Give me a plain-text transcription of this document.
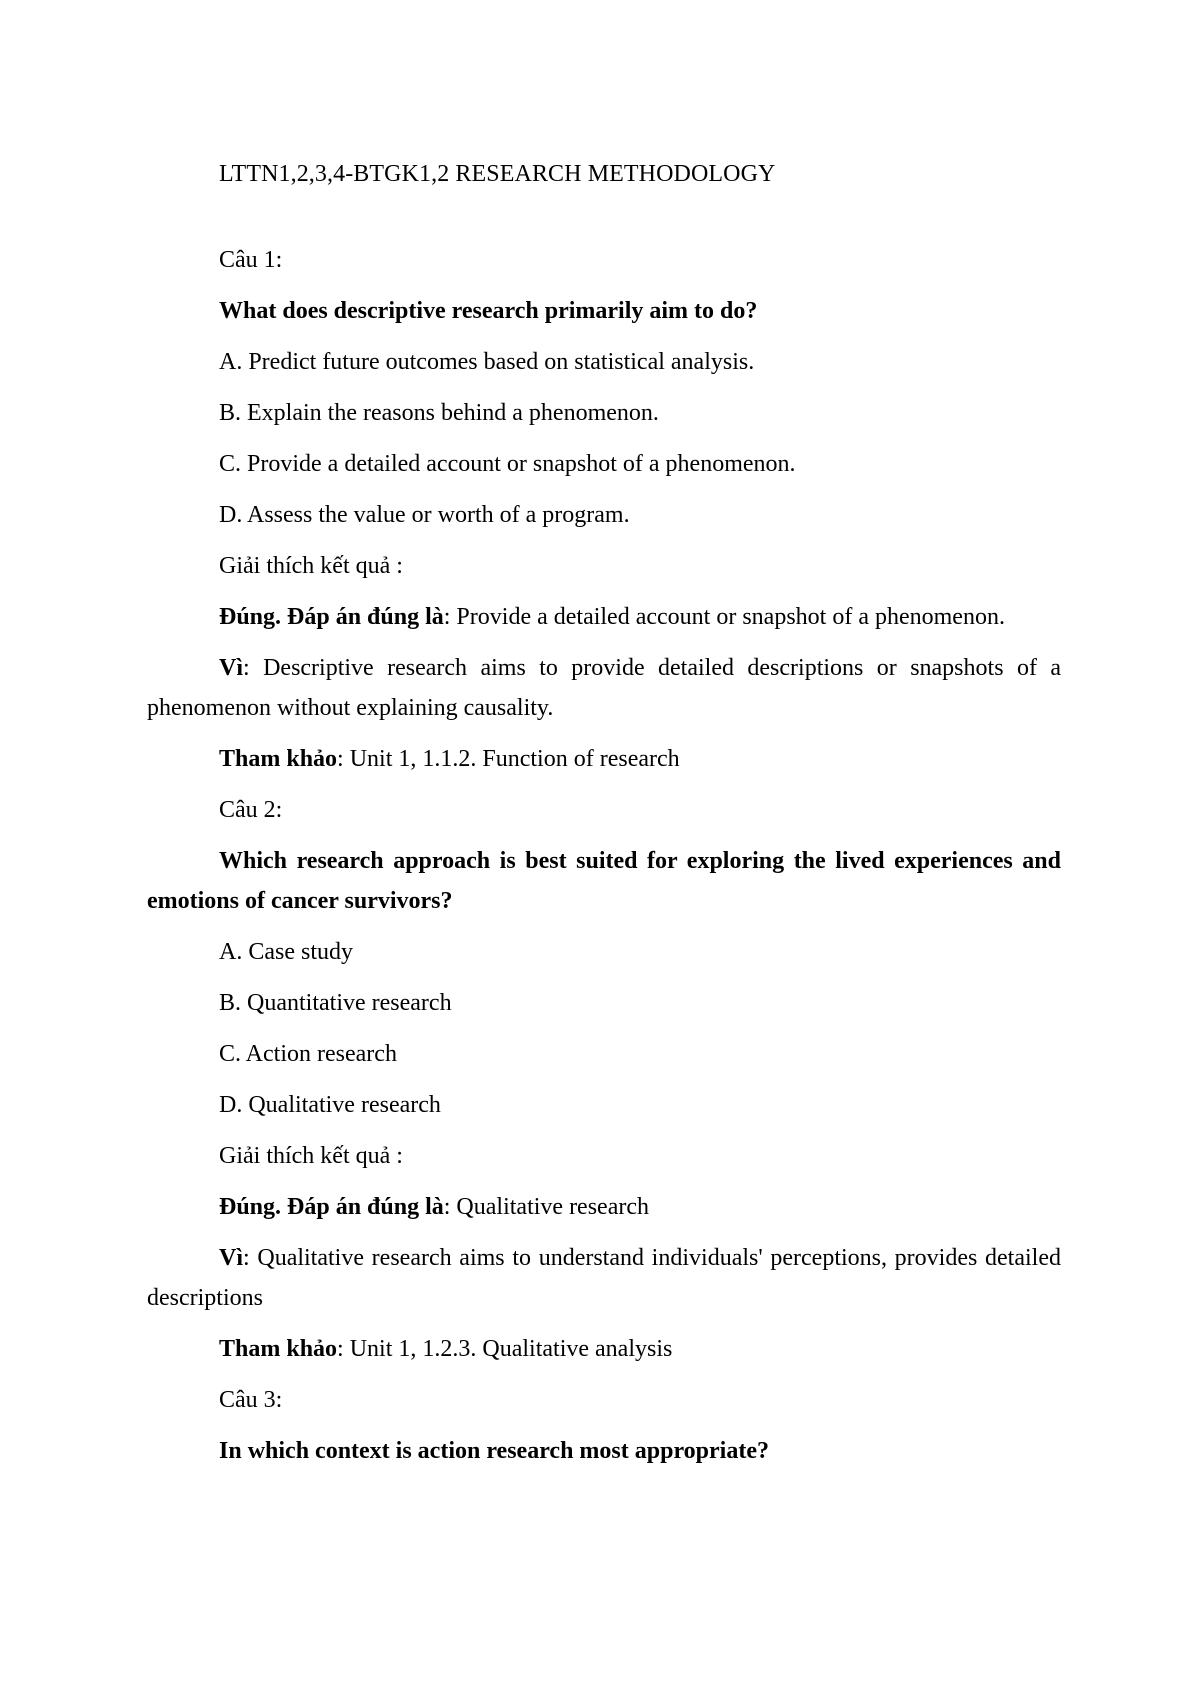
LTTN1,2,3,4-BTGK1,2 RESEARCH METHODOLOGY
Câu 1:
What does descriptive research primarily aim to do?
A. Predict future outcomes based on statistical analysis.
B. Explain the reasons behind a phenomenon.
C. Provide a detailed account or snapshot of a phenomenon.
D. Assess the value or worth of a program.
Giải thích kết quả :
Đúng. Đáp án đúng là: Provide a detailed account or snapshot of a phenomenon.
Vì: Descriptive research aims to provide detailed descriptions or snapshots of a phenomenon without explaining causality.
Tham khảo: Unit 1, 1.1.2. Function of research
Câu 2:
Which research approach is best suited for exploring the lived experiences and emotions of cancer survivors?
A. Case study
B. Quantitative research
C. Action research
D. Qualitative research
Giải thích kết quả :
Đúng. Đáp án đúng là: Qualitative research
Vì: Qualitative research aims to understand individuals' perceptions, provides detailed descriptions
Tham khảo: Unit 1, 1.2.3. Qualitative analysis
Câu 3:
In which context is action research most appropriate?
